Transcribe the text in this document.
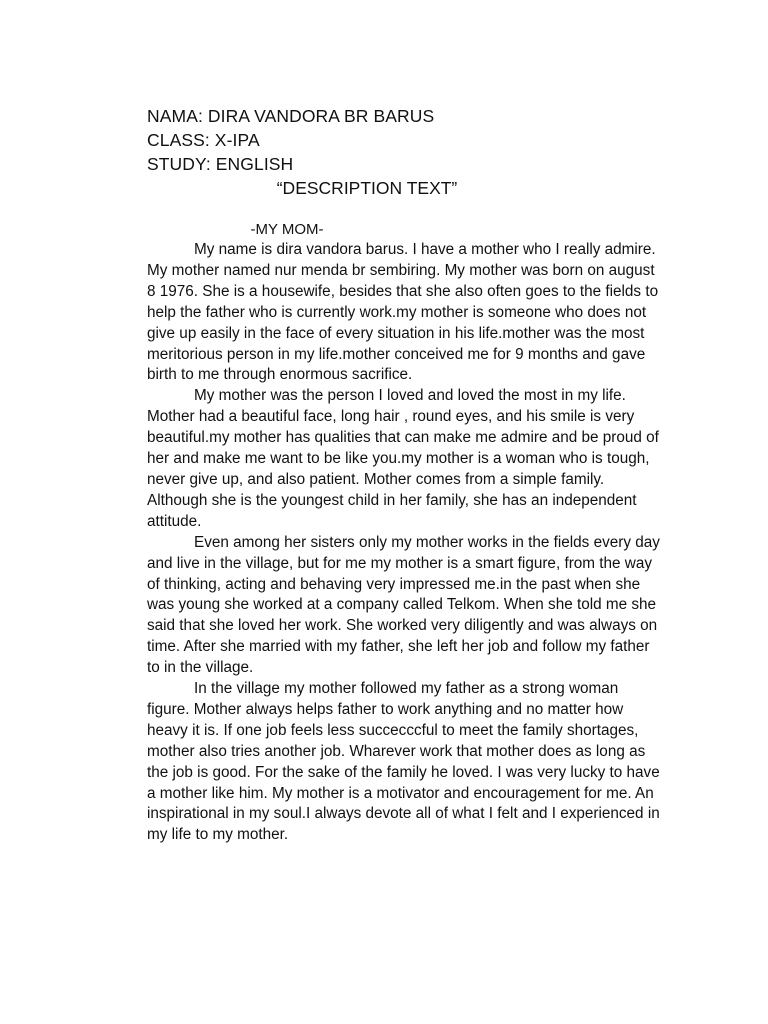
NAMA: DIRA VANDORA BR BARUS
CLASS: X-IPA
STUDY: ENGLISH
“DESCRIPTION TEXT”
-MY MOM-

My name is dira vandora barus. I have a mother who I really admire. My mother named nur menda br sembiring. My mother was born on august 8 1976. She is a housewife, besides that she also often goes to the fields to help the father who is currently work.my mother is someone who does not give up easily in the face of every situation in his life.mother was the most meritorious person in my life.mother conceived me for 9 months and gave birth to me through enormous sacrifice.

My mother was the person I loved and loved the most in my life. Mother had a beautiful face, long hair , round eyes, and his smile is very beautiful.my mother has qualities that can make me admire and be proud of her and make me want to be like you.my mother is a woman who is tough, never give up, and also patient. Mother comes from a simple family. Although she is the youngest child in her family, she has an independent attitude.

Even among her sisters only my mother works in the fields every day and live in the village, but for me my mother is a smart figure, from the way of thinking, acting and behaving very impressed me.in the past when she was young she worked at a company called Telkom. When she told me she said that she loved her work. She worked very diligently and was always on time. After she married with my father, she left her job and follow my father to in the village.

In the village my mother followed my father as a strong woman figure. Mother always helps father to work anything and no matter how heavy it is. If one job feels less succecccful to meet the family shortages, mother also tries another job. Wharever work that mother does as long as the job is good. For the sake of the family he loved. I was very lucky to have a mother like him. My mother is a motivator and encouragement for me. An inspirational in my soul.I always devote all of what I felt and I experienced in my life to my mother.
